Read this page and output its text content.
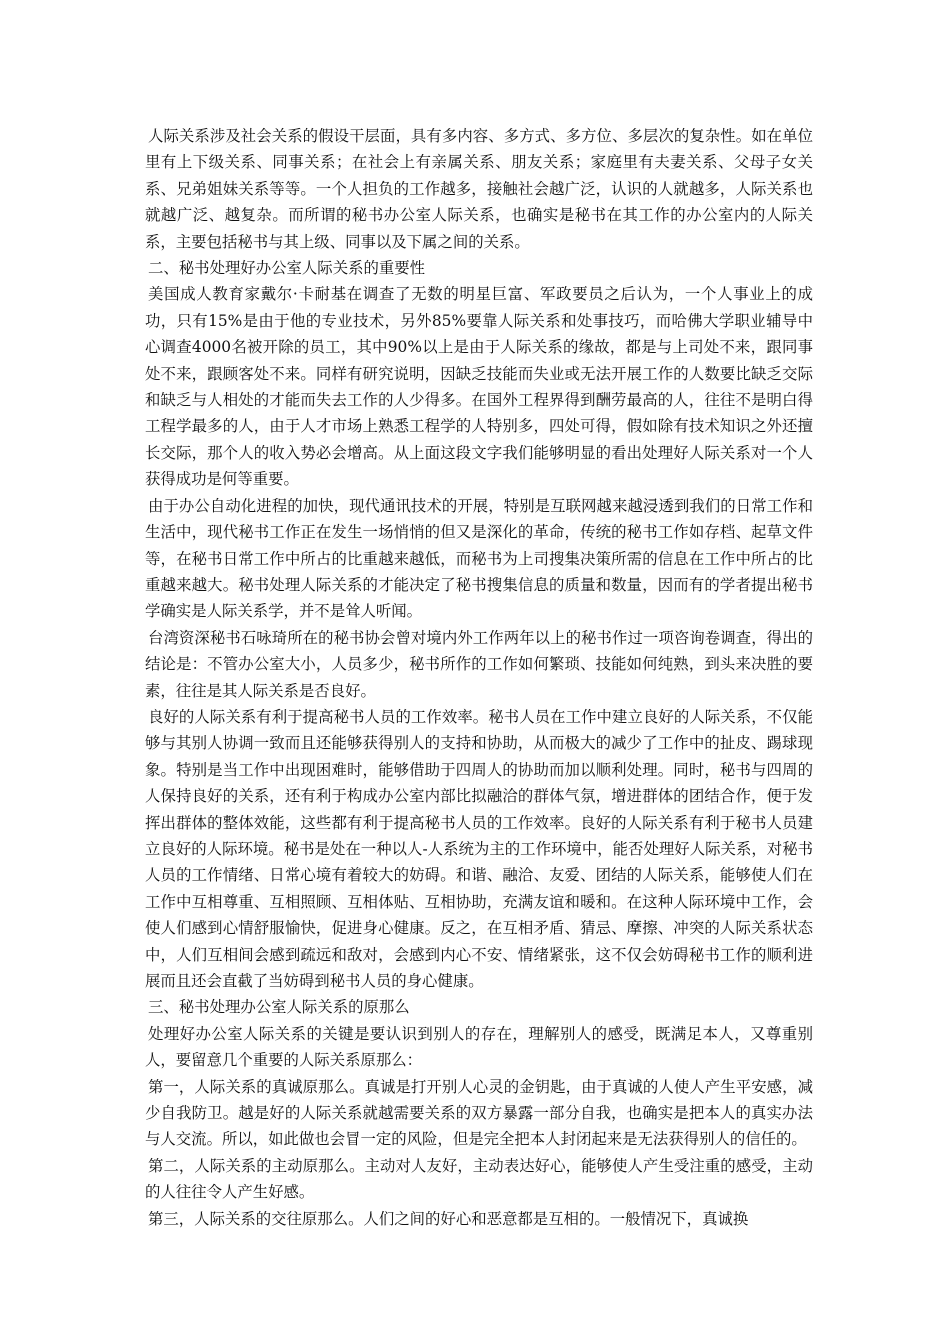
人际关系涉及社会关系的假设干层面，具有多内容、多方式、多方位、多层次的复杂性。如在单位里有上下级关系、同事关系；在社会上有亲属关系、朋友关系；家庭里有夫妻关系、父母子女关系、兄弟姐妹关系等等。一个人担负的工作越多，接触社会越广泛，认识的人就越多，人际关系也就越广泛、越复杂。而所谓的秘书办公室人际关系，也确实是秘书在其工作的办公室内的人际关系，主要包括秘书与其上级、同事以及下属之间的关系。

二、秘书处理好办公室人际关系的重要性

美国成人教育家戴尔·卡耐基在调查了无数的明星巨富、军政要员之后认为，一个人事业上的成功，只有15%是由于他的专业技术，另外85%要靠人际关系和处事技巧，而哈佛大学职业辅导中心调查4000名被开除的员工，其中90%以上是由于人际关系的缘故，都是与上司处不来，跟同事处不来，跟顾客处不来。同样有研究说明，因缺乏技能而失业或无法开展工作的人数要比缺乏交际和缺乏与人相处的才能而失去工作的人少得多。在国外工程界得到酬劳最高的人，往往不是明白得工程学最多的人，由于人才市场上熟悉工程学的人特别多，四处可得，假如除有技术知识之外还擅长交际，那个人的收入势必会增高。从上面这段文字我们能够明显的看出处理好人际关系对一个人获得成功是何等重要。

由于办公自动化进程的加快，现代通讯技术的开展，特别是互联网越来越浸透到我们的日常工作和生活中，现代秘书工作正在发生一场悄悄的但又是深化的革命，传统的秘书工作如存档、起草文件等，在秘书日常工作中所占的比重越来越低，而秘书为上司搜集决策所需的信息在工作中所占的比重越来越大。秘书处理人际关系的才能决定了秘书搜集信息的质量和数量，因而有的学者提出秘书学确实是人际关系学，并不是耸人听闻。

台湾资深秘书石咏琦所在的秘书协会曾对境内外工作两年以上的秘书作过一项咨询卷调查，得出的结论是：不管办公室大小，人员多少，秘书所作的工作如何繁琐、技能如何纯熟，到头来决胜的要素，往往是其人际关系是否良好。

良好的人际关系有利于提高秘书人员的工作效率。秘书人员在工作中建立良好的人际关系，不仅能够与其别人协调一致而且还能够获得别人的支持和协助，从而极大的减少了工作中的扯皮、踢球现象。特别是当工作中出现困难时，能够借助于四周人的协助而加以顺利处理。同时，秘书与四周的人保持良好的关系，还有利于构成办公室内部比拟融洽的群体气氛，增进群体的团结合作，便于发挥出群体的整体效能，这些都有利于提高秘书人员的工作效率。良好的人际关系有利于秘书人员建立良好的人际环境。秘书是处在一种以人-人系统为主的工作环境中，能否处理好人际关系，对秘书人员的工作情绪、日常心境有着较大的妨碍。和谐、融洽、友爱、团结的人际关系，能够使人们在工作中互相尊重、互相照顾、互相体贴、互相协助，充满友谊和暖和。在这种人际环境中工作，会使人们感到心情舒服愉快，促进身心健康。反之，在互相矛盾、猜忌、摩擦、冲突的人际关系状态中，人们互相间会感到疏远和敌对，会感到内心不安、情绪紧张，这不仅会妨碍秘书工作的顺利进展而且还会直截了当妨碍到秘书人员的身心健康。

三、秘书处理办公室人际关系的原那么

处理好办公室人际关系的关键是要认识到别人的存在，理解别人的感受，既满足本人，又尊重别人，要留意几个重要的人际关系原那么：

第一，人际关系的真诚原那么。真诚是打开别人心灵的金钥匙，由于真诚的人使人产生平安感，减少自我防卫。越是好的人际关系就越需要关系的双方暴露一部分自我，也确实是把本人的真实办法与人交流。所以，如此做也会冒一定的风险，但是完全把本人封闭起来是无法获得别人的信任的。

第二，人际关系的主动原那么。主动对人友好，主动表达好心，能够使人产生受注重的感受，主动的人往往令人产生好感。

第三，人际关系的交往原那么。人们之间的好心和恶意都是互相的。一般情况下，真诚换
